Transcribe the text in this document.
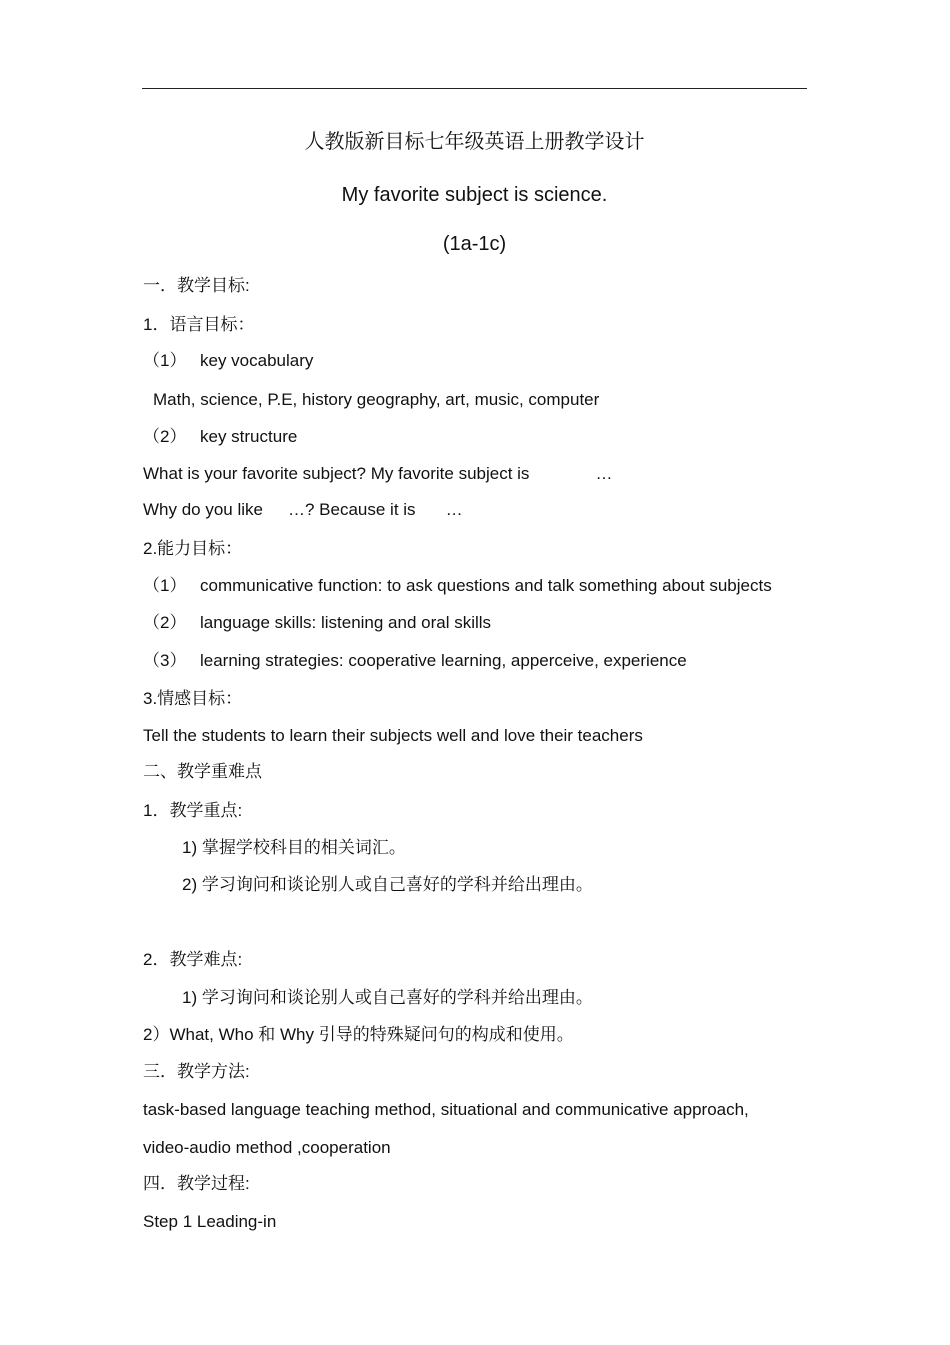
人教版新目标七年级英语上册教学设计
My favorite subject is science.
(1a-1c)
一．教学目标:
1．语言目标：
（1） key vocabulary
Math, science, P.E, history geography, art, music, computer
（2） key structure
What is your favorite subject? My favorite subject is	…
Why do you like …? Because it is …
2.能力目标：
（1） communicative function: to ask questions and talk something about subjects
（2） language skills: listening and oral skills
（3） learning strategies: cooperative learning, apperceive, experience
3.情感目标：
Tell the students to learn their subjects well and love their teachers
二、教学重难点
1．教学重点:
1) 掌握学校科目的相关词汇。
2) 学习询问和谈论别人或自己喜好的学科并给出理由。
2．教学难点:
1) 学习询问和谈论别人或自己喜好的学科并给出理由。
2）What, Who 和 Why 引导的特殊疑问句的构成和使用。
三．教学方法:
task-based language teaching method, situational and communicative approach,
video-audio method ,cooperation
四．教学过程:
Step 1 Leading-in
